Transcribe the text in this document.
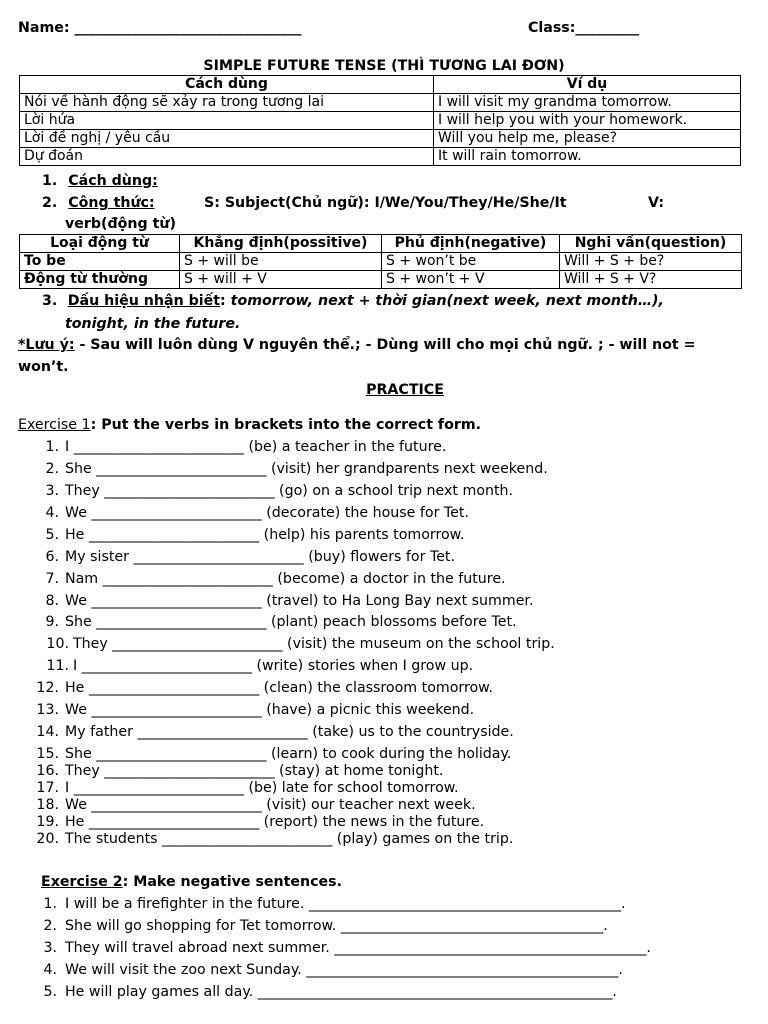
Name: ________________________________	Class:_________
SIMPLE FUTURE TENSE (THÌ TƯƠNG LAI ĐƠN)
Cách dùng	Ví dụ
Nói về hành động sẽ xảy ra trong tương lai	I will visit my grandma tomorrow.
Lời hứa	I will help you with your homework.
Lời đề nghị / yêu cầu	Will you help me, please?
Dự đoán	It will rain tomorrow.
1. Cách dùng:
2. Công thức:	S: Subject(Chủ ngữ): I/We/You/They/He/She/It	V:
verb(động từ)
Loại động từ	Khẳng định(possitive)	Phủ định(negative)	Nghi vấn(question)
To be	S + will be	S + won’t be	Will + S + be?
Động từ thường	S + will + V	S + won’t + V	Will + S + V?
3. Dấu hiệu nhận biết: tomorrow, next + thời gian(next week, next month…),
tonight, in the future.
*Lưu ý: - Sau will luôn dùng V nguyên thể.; - Dùng will cho mọi chủ ngữ. ; - will not =
won’t.
PRACTICE
Exercise 1: Put the verbs in brackets into the correct form.
1. I ________________________ (be) a teacher in the future.
2. She ________________________ (visit) her grandparents next weekend.
3. They ________________________ (go) on a school trip next month.
4. We ________________________ (decorate) the house for Tet.
5. He ________________________ (help) his parents tomorrow.
6. My sister ________________________ (buy) flowers for Tet.
7. Nam ________________________ (become) a doctor in the future.
8. We ________________________ (travel) to Ha Long Bay next summer.
9. She ________________________ (plant) peach blossoms before Tet.
10. They ________________________ (visit) the museum on the school trip.
11. I ________________________ (write) stories when I grow up.
12. He ________________________ (clean) the classroom tomorrow.
13. We ________________________ (have) a picnic this weekend.
14. My father ________________________ (take) us to the countryside.
15. She ________________________ (learn) to cook during the holiday.
16. They ________________________ (stay) at home tonight.
17. I ________________________ (be) late for school tomorrow.
18. We ________________________ (visit) our teacher next week.
19. He ________________________ (report) the news in the future.
20. The students ________________________ (play) games on the trip.
Exercise 2: Make negative sentences.
1. I will be a firefighter in the future. ____________________________________________.
2. She will go shopping for Tet tomorrow. _____________________________________.
3. They will travel abroad next summer. ____________________________________________.
4. We will visit the zoo next Sunday. ____________________________________________.
5. He will play games all day. __________________________________________________.
